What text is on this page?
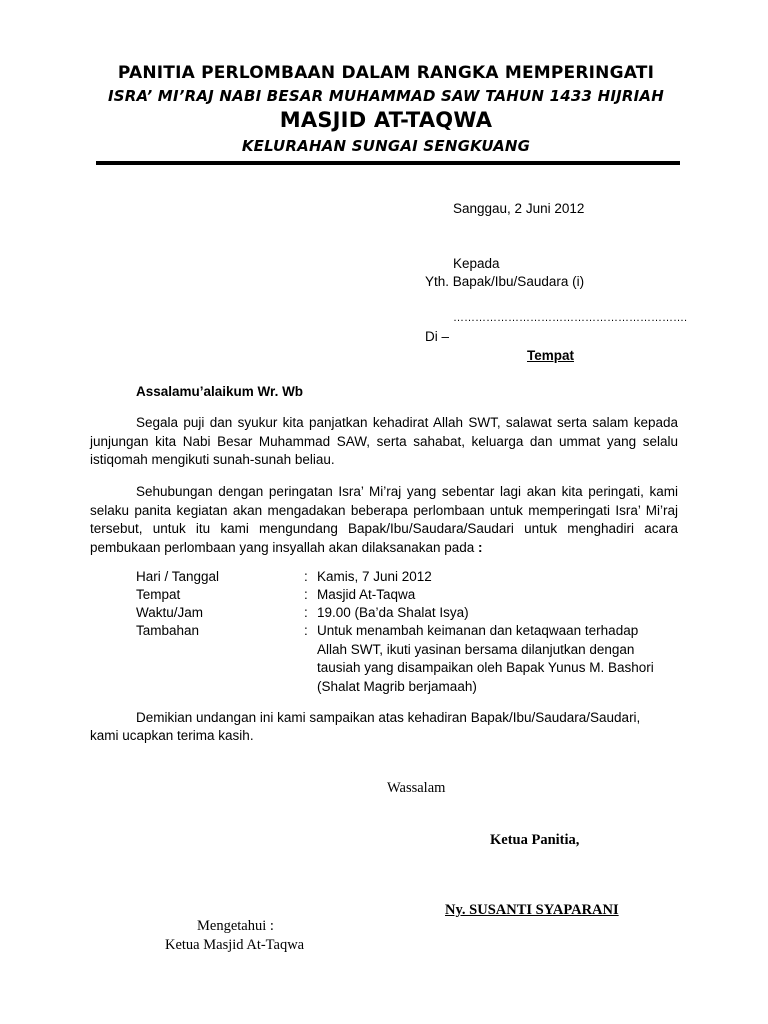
PANITIA PERLOMBAAN DALAM RANGKA MEMPERINGATI
ISRA’ MI’RAJ NABI BESAR MUHAMMAD SAW TAHUN 1433 HIJRIAH
MASJID AT-TAQWA
KELURAHAN SUNGAI SENGKUANG
Sanggau, 2 Juni 2012
Kepada
Yth. Bapak/Ibu/Saudara (i)
……………………………………………………….
Di –
Tempat
Assalamu’alaikum Wr. Wb

Segala puji dan syukur kita panjatkan kehadirat Allah SWT, salawat serta salam kepada junjungan kita Nabi Besar Muhammad SAW, serta sahabat, keluarga dan ummat yang selalu istiqomah mengikuti sunah-sunah beliau.

Sehubungan dengan peringatan Isra’ Mi’raj yang sebentar lagi akan kita peringati, kami selaku panita kegiatan akan mengadakan beberapa perlombaan untuk memperingati Isra’ Mi’raj tersebut, untuk itu kami mengundang Bapak/Ibu/Saudara/Saudari untuk menghadiri acara pembukaan perlombaan yang insyallah akan dilaksanakan pada :

Hari / Tanggal	: Kamis, 7 Juni 2012
Tempat	: Masjid At-Taqwa
Waktu/Jam	: 19.00 (Ba’da Shalat Isya)
Tambahan	: Untuk menambah keimanan dan ketaqwaan terhadap Allah SWT, ikuti yasinan bersama dilanjutkan dengan tausiah yang disampaikan oleh Bapak Yunus M. Bashori (Shalat Magrib berjamaah)
Demikian undangan ini kami sampaikan atas kehadiran Bapak/Ibu/Saudara/Saudari,
kami ucapkan terima kasih.
Wassalam
Ketua Panitia,
Ny. SUSANTI SYAPARANI
Mengetahui :
Ketua Masjid At-Taqwa
